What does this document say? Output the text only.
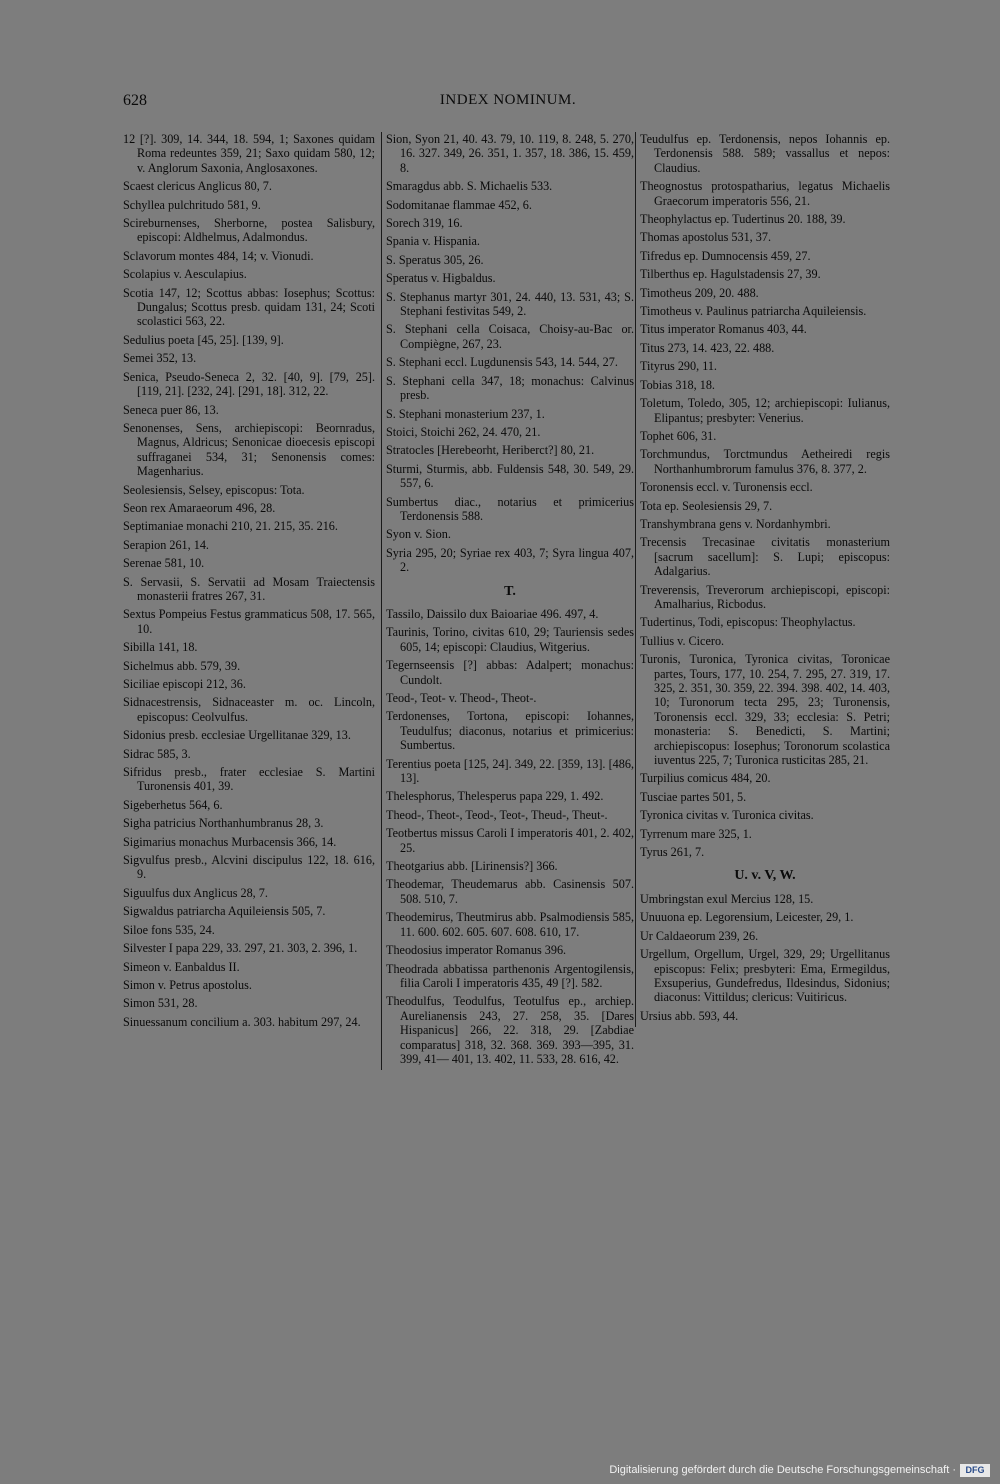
628	INDEX NOMINUM.
12 [?]. 309, 14. 344, 18. 594, 1; Saxones quidam Roma redeuntes 359, 21; Saxo quidam 580, 12; v. Anglorum Saxonia, Anglosaxones.
Scaest clericus Anglicus 80, 7.
Schyllea pulchritudo 581, 9.
Scireburnenses, Sherborne, postea Salisbury, episcopi: Aldhelmus, Adalmondus.
Sclavorum montes 484, 14; v. Vionudi.
Scolapius v. Aesculapius.
Scotia 147, 12; Scottus abbas: Iosephus; Scottus: Dungalus; Scottus presb. quidam 131, 24; Scoti scolastici 563, 22.
Sedulius poeta [45, 25]. [139, 9].
Semei 352, 13.
Senica, Pseudo-Seneca 2, 32. [40, 9]. [79, 25]. [119, 21]. [232, 24]. [291, 18]. 312, 22.
Seneca puer 86, 13.
Senonenses, Sens, archiepiscopi: Beornradus, Magnus, Aldricus; Senonicae dioecesis episcopi suffraganei 534, 31; Senonensis comes: Magenharius.
Seolesiensis, Selsey, episcopus: Tota.
Seon rex Amaraeorum 496, 28.
Septimaniae monachi 210, 21. 215, 35. 216.
Serapion 261, 14.
Serenae 581, 10.
S. Servasii, S. Servatii ad Mosam Traiectensis monasterii fratres 267, 31.
Sextus Pompeius Festus grammaticus 508, 17. 565, 10.
Sibilla 141, 18.
Sichelmus abb. 579, 39.
Siciliae episcopi 212, 36.
Sidnacestrensis, Sidnaceaster m. oc. Lincoln, episcopus: Ceolvulfus.
Sidonius presb. ecclesiae Urgellitanae 329, 13.
Sidrac 585, 3.
Sifridus presb., frater ecclesiae S. Martini Turonensis 401, 39.
Sigeberhetus 564, 6.
Sigha patricius Northanhumbranus 28, 3.
Sigimarius monachus Murbacensis 366, 14.
Sigvulfus presb., Alcvini discipulus 122, 18. 616, 9.
Siguulfus dux Anglicus 28, 7.
Sigwaldus patriarcha Aquileiensis 505, 7.
Siloe fons 535, 24.
Silvester I papa 229, 33. 297, 21. 303, 2. 396, 1.
Simeon v. Eanbaldus II.
Simon v. Petrus apostolus.
Simon 531, 28.
Sinuessanum concilium a. 303. habitum 297, 24.
Sion, Syon 21, 40. 43. 79, 10. 119, 8. 248, 5. 270, 16. 327. 349, 26. 351, 1. 357, 18. 386, 15. 459, 8.
Smaragdus abb. S. Michaelis 533.
Sodomitanae flammae 452, 6.
Sorech 319, 16.
Spania v. Hispania.
S. Speratus 305, 26.
Speratus v. Higbaldus.
S. Stephanus martyr 301, 24. 440, 13. 531, 43; S. Stephani festivitas 549, 2.
S. Stephani cella Coisaca, Choisy-au-Bac or. Compiègne, 267, 23.
S. Stephani eccl. Lugdunensis 543, 14. 544, 27.
S. Stephani cella 347, 18; monachus: Calvinus presb.
S. Stephani monasterium 237, 1.
Stoici, Stoichi 262, 24. 470, 21.
Stratocles [Herebeorht, Heriberct?] 80, 21.
Sturmi, Sturmis, abb. Fuldensis 548, 30. 549, 29. 557, 6.
Sumbertus diac., notarius et primicerius Terdonensis 588.
Syon v. Sion.
Syria 295, 20; Syriae rex 403, 7; Syra lingua 407, 2.
T.
Tassilo, Daissilo dux Baioariae 496. 497, 4.
Taurinis, Torino, civitas 610, 29; Tauriensis sedes 605, 14; episcopi: Claudius, Witgerius.
Tegernseensis [?] abbas: Adalpert; monachus: Cundolt.
Teod-, Teot- v. Theod-, Theot-.
Terdonenses, Tortona, episcopi: Iohannes, Teudulfus; diaconus, notarius et primicerius: Sumbertus.
Terentius poeta [125, 24]. 349, 22. [359, 13]. [486, 13].
Thelesphorus, Thelesperus papa 229, 1. 492.
Theod-, Theot-, Teod-, Teot-, Theud-, Theut-.
Teotbertus missus Caroli I imperatoris 401, 2. 402, 25.
Theotgarius abb. [Lirinensis?] 366.
Theodemar, Theudemarus abb. Casinensis 507. 508. 510, 7.
Theodemirus, Theutmirus abb. Psalmodiensis 585, 11. 600. 602. 605. 607. 608. 610, 17.
Theodosius imperator Romanus 396.
Theodrada abbatissa parthenonis Argentogilensis, filia Caroli I imperatoris 435, 49 [?]. 582.
Theodulfus, Teodulfus, Teotulfus ep., archiep. Aurelianensis 243, 27. 258, 35. [Dares Hispanicus] 266, 22. 318, 29. [Zabdiae comparatus] 318, 32. 368. 369. 393—395, 31. 399, 41— 401, 13. 402, 11. 533, 28. 616, 42.
Teudulfus ep. Terdonensis, nepos Iohannis ep. Terdonensis 588. 589; vassallus et nepos: Claudius.
Theognostus protospatharius, legatus Michaelis Graecorum imperatoris 556, 21.
Theophylactus ep. Tudertinus 20. 188, 39.
Thomas apostolus 531, 37.
Tifredus ep. Dumnocensis 459, 27.
Tilberthus ep. Hagulstadensis 27, 39.
Timotheus 209, 20. 488.
Timotheus v. Paulinus patriarcha Aquileiensis.
Titus imperator Romanus 403, 44.
Titus 273, 14. 423, 22. 488.
Tityrus 290, 11.
Tobias 318, 18.
Toletum, Toledo, 305, 12; archiepiscopi: Iulianus, Elipantus; presbyter: Venerius.
Tophet 606, 31.
Torchmundus, Torctmundus Aetheiredi regis Northanhumbrorum famulus 376, 8. 377, 2.
Toronensis eccl. v. Turonensis eccl.
Tota ep. Seolesiensis 29, 7.
Transhymbrana gens v. Nordanhymbri.
Trecensis Trecasinae civitatis monasterium [sacrum sacellum]: S. Lupi; episcopus: Adalgarius.
Treverensis, Treverorum archiepiscopi, episcopi: Amalharius, Ricbodus.
Tudertinus, Todi, episcopus: Theophylactus.
Tullius v. Cicero.
Turonis, Turonica, Tyronica civitas, Toronicae partes, Tours, 177, 10. 254, 7. 295, 27. 319, 17. 325, 2. 351, 30. 359, 22. 394. 398. 402, 14. 403, 10; Turonorum tecta 295, 23; Turonensis, Toronensis eccl. 329, 33; ecclesia: S. Petri; monasteria: S. Benedicti, S. Martini; archiepiscopus: Iosephus; Toronorum scolastica iuventus 225, 7; Turonica rusticitas 285, 21.
Turpilius comicus 484, 20.
Tusciae partes 501, 5.
Tyronica civitas v. Turonica civitas.
Tyrrenum mare 325, 1.
Tyrus 261, 7.
U. v. V, W.
Umbringstan exul Mercius 128, 15.
Unuuona ep. Legorensium, Leicester, 29, 1.
Ur Caldaeorum 239, 26.
Urgellum, Orgellum, Urgel, 329, 29; Urgellitanus episcopus: Felix; presbyteri: Ema, Ermegildus, Exsuperius, Gundefredus, Ildesindus, Sidonius; diaconus: Vittildus; clericus: Vuitiricus.
Ursius abb. 593, 44.
Digitalisierung gefördert durch die Deutsche Forschungsgemeinschaft ·	DFG
